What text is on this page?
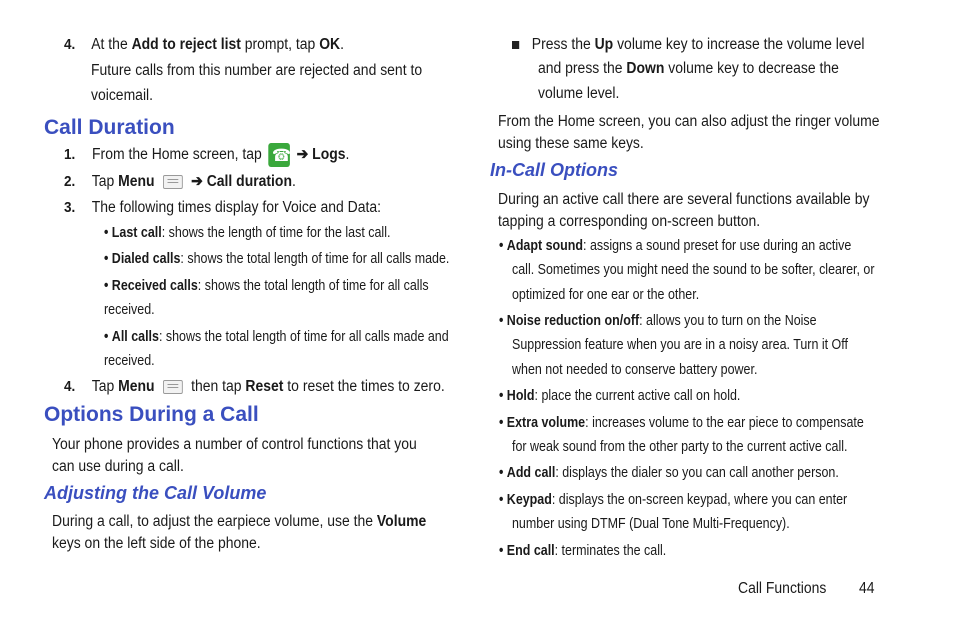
4. At the Add to reject list prompt, tap OK.
Future calls from this number are rejected and sent to
voicemail.
Call Duration
1. From the Home screen, tap ☎ ➔ Logs.
2. Tap Menu ➔ Call duration.
3. The following times display for Voice and Data:
• Last call: shows the length of time for the last call.
• Dialed calls: shows the total length of time for all calls made.
• Received calls: shows the total length of time for all calls
received.
• All calls: shows the total length of time for all calls made and
received.
4. Tap Menu  then tap Reset to reset the times to zero.
Options During a Call
Your phone provides a number of control functions that you
can use during a call.
Adjusting the Call Volume
During a call, to adjust the earpiece volume, use the Volume
keys on the left side of the phone.
Press the Up volume key to increase the volume level
and press the Down volume key to decrease the
volume level.
From the Home screen, you can also adjust the ringer volume
using these same keys.
In-Call Options
During an active call there are several functions available by
tapping a corresponding on-screen button.
• Adapt sound: assigns a sound preset for use during an active
call. Sometimes you might need the sound to be softer, clearer, or
optimized for one ear or the other.
• Noise reduction on/off: allows you to turn on the Noise
Suppression feature when you are in a noisy area. Turn it Off
when not needed to conserve battery power.
• Hold: place the current active call on hold.
• Extra volume: increases volume to the ear piece to compensate
for weak sound from the other party to the current active call.
• Add call: displays the dialer so you can call another person.
• Keypad: displays the on-screen keypad, where you can enter
number using DTMF (Dual Tone Multi-Frequency).
• End call: terminates the call.
Call Functions 44
